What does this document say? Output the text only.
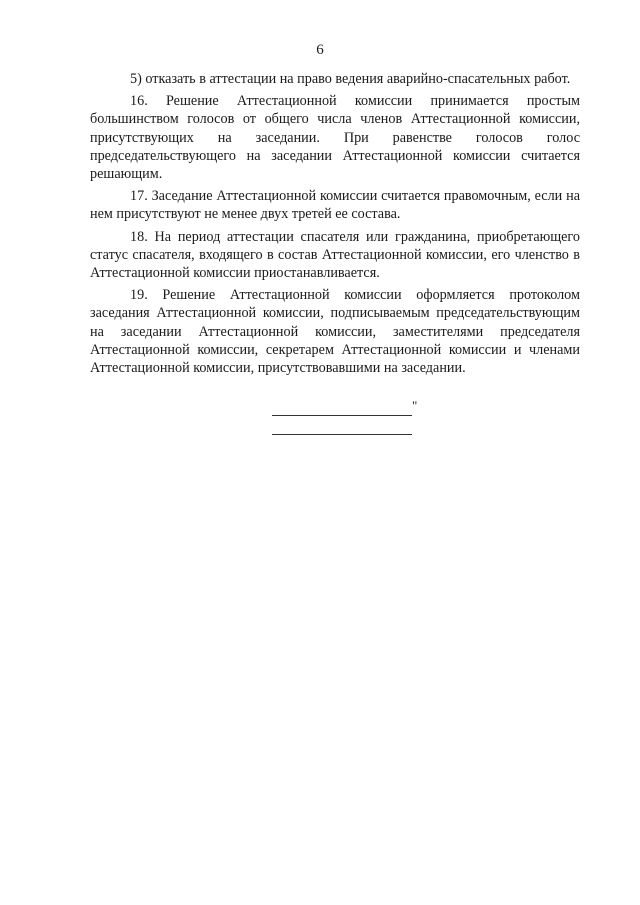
6

5) отказать в аттестации на право ведения аварийно-спасательных работ.

16. Решение Аттестационной комиссии принимается простым большинством голосов от общего числа членов Аттестационной комиссии, присутствующих на заседании. При равенстве голосов голос председательствующего на заседании Аттестационной комиссии считается решающим.

17. Заседание Аттестационной комиссии считается правомочным, если на нем присутствуют не менее двух третей ее состава.

18. На период аттестации спасателя или гражданина, приобретающего статус спасателя, входящего в состав Аттестационной комиссии, его членство в Аттестационной комиссии приостанавливается.

19. Решение Аттестационной комиссии оформляется протоколом заседания Аттестационной комиссии, подписываемым председательствующим на заседании Аттестационной комиссии, заместителями председателя Аттестационной комиссии, секретарем Аттестационной комиссии и членами Аттестационной комиссии, присутствовавшими на заседании.

"
